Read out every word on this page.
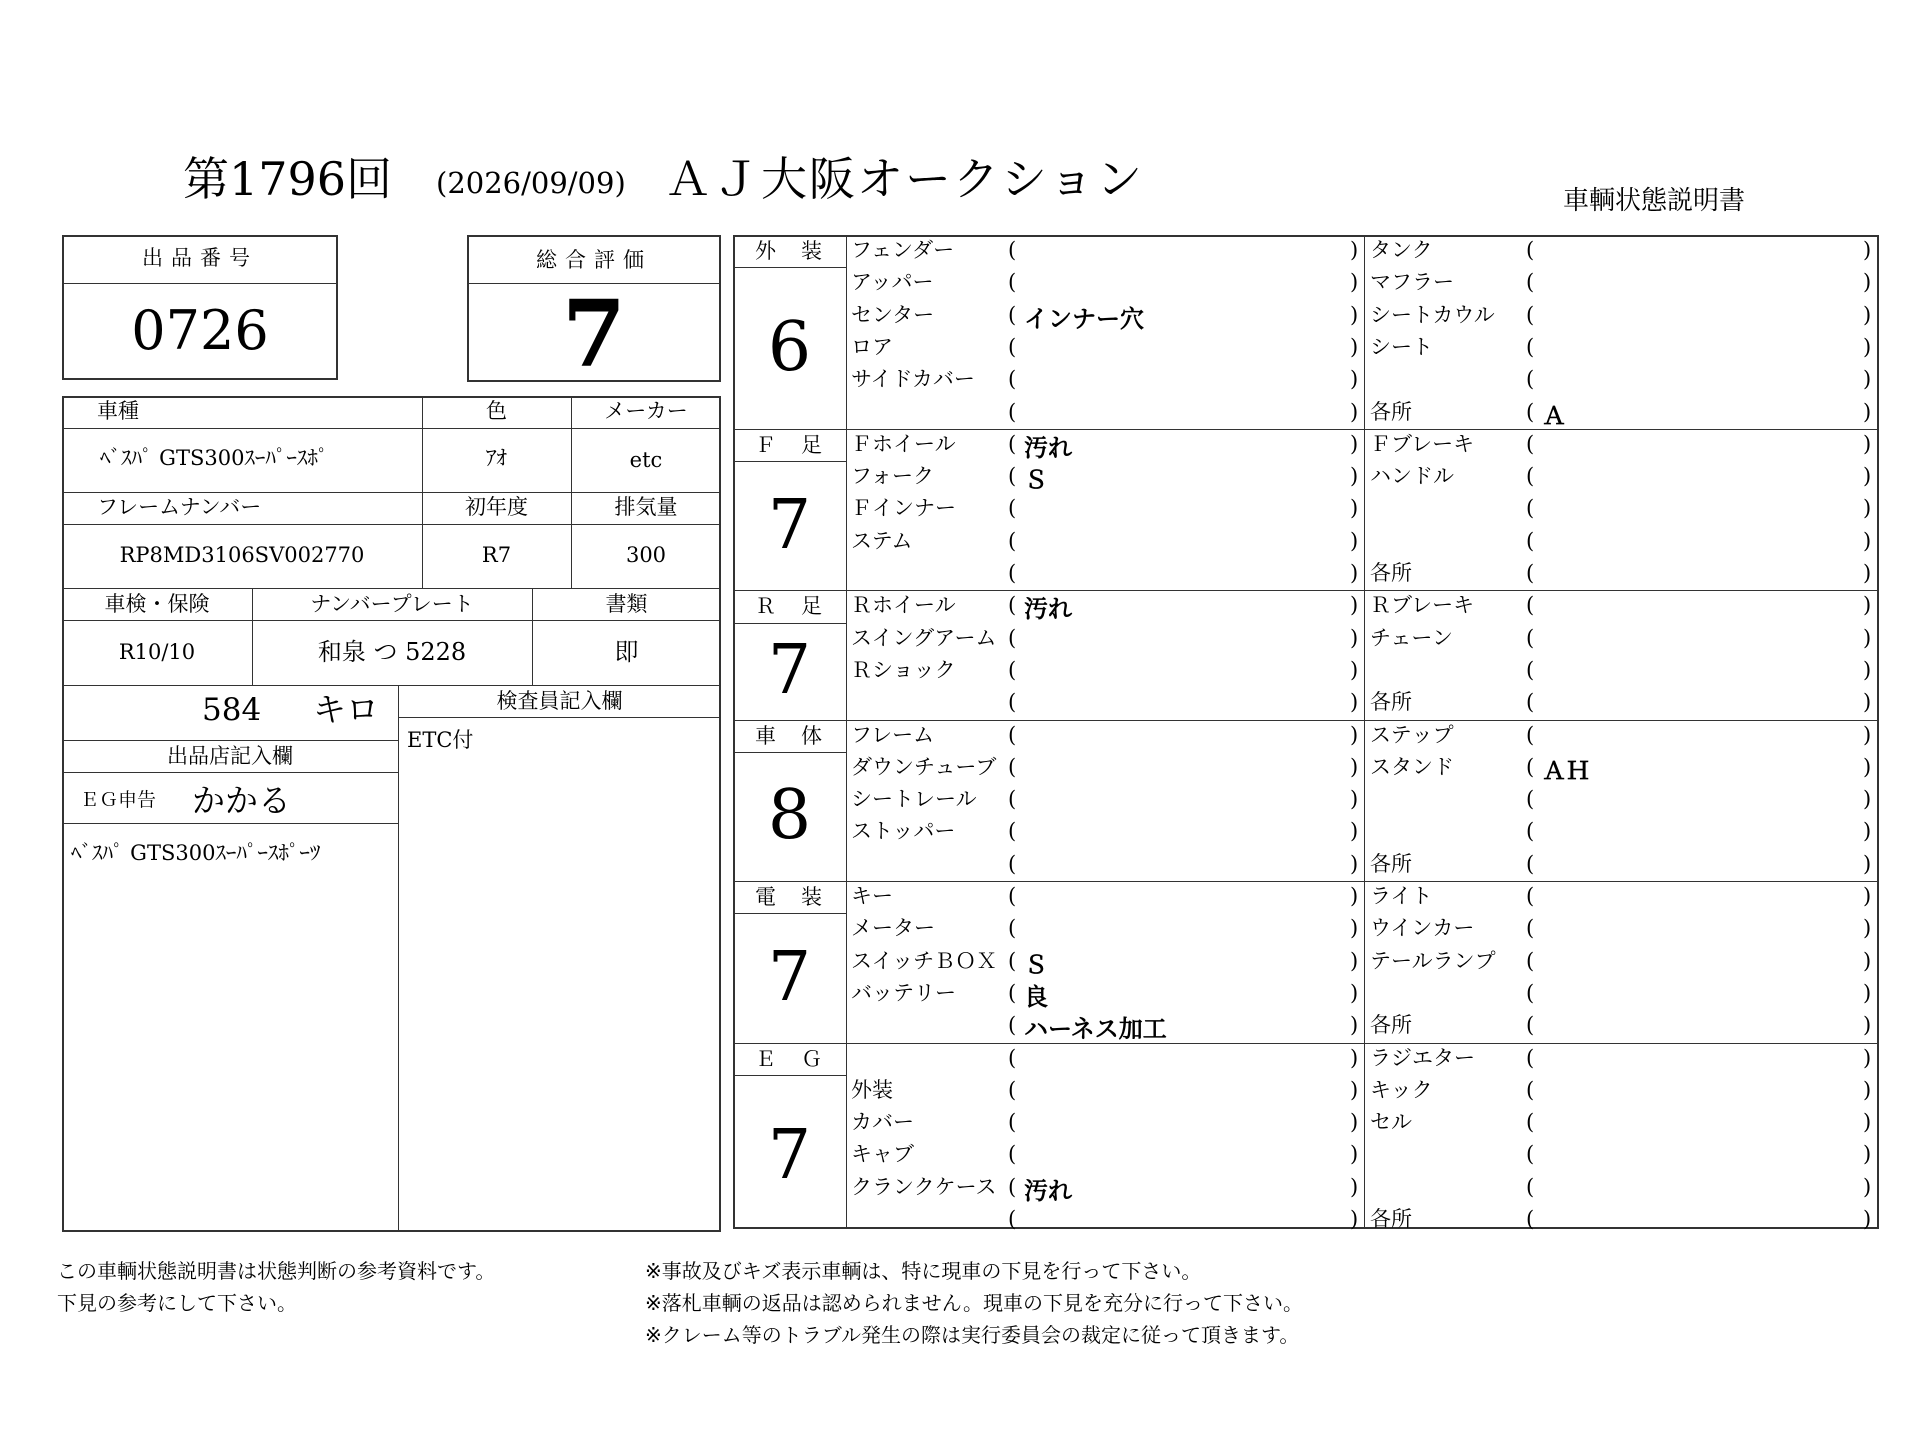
第1796回 (2026/09/09) ＡＪ大阪オークション	車輌状態説明書
出品番号
0726
総合評価
7
車種	色	メーカー
ﾍﾞｽﾊﾟ GTS300ｽｰﾊﾟｰｽﾎﾟ	ｱｵ	etc
フレームナンバー	初年度	排気量
RP8MD3106SV002770	R7	300
車検・保険	ナンバープレート	書類
R10/10	和泉 つ 5228	即
584 キロ	検査員記入欄
ETC付
出品店記入欄
ＥＧ申告 かかる
ﾍﾞｽﾊﾟ GTS300ｽｰﾊﾟｰｽﾎﾟｰﾂ
外　装
6
フェンダー	(	) タンク	(	)
アッパー	(	) マフラー	(	)
センター	( インナー穴	) シートカウル (	)
ロア	(	) シート	(	)
サイドカバー (	)	(	)
(	) 各所	( Ａ	)
Ｆ　足
7
Ｆホイール ( 汚れ	) Ｆブレーキ (	)
フォーク	( Ｓ	) ハンドル	(	)
Ｆインナー (	)	(	)
ステム	(	)	(	)
(	) 各所	(	)
Ｒ　足
7
Ｒホイール ( 汚れ	) Ｒブレーキ (	)
スイングアーム (	) チェーン	(	)
Ｒショック (	)	(	)
(	) 各所	(	)
車　体
8
フレーム	(	) ステップ	(	)
ダウンチューブ (	) スタンド	( ＡＨ	)
シートレール (	)	(	)
ストッパー	(	)	(	)
(	) 各所	(	)
電　装
7
キー	(	) ライト	(	)
メーター	(	) ウインカー (	)
スイッチＢＯＸ ( Ｓ	) テールランプ (	)
バッテリー ( 良	)	(	)
( ハーネス加工	) 各所	(	)
Ｅ　Ｇ
7
(	) ラジエター (	)
外装	(	) キック	(	)
カバー	(	) セル	(	)
キャブ	(	)	(	)
クランクケース ( 汚れ	)	(	)
(	) 各所	(	)
この車輌状態説明書は状態判断の参考資料です。
下見の参考にして下さい。
※事故及びキズ表示車輌は、特に現車の下見を行って下さい。
※落札車輌の返品は認められません。現車の下見を充分に行って下さい。
※クレーム等のトラブル発生の際は実行委員会の裁定に従って頂きます。
